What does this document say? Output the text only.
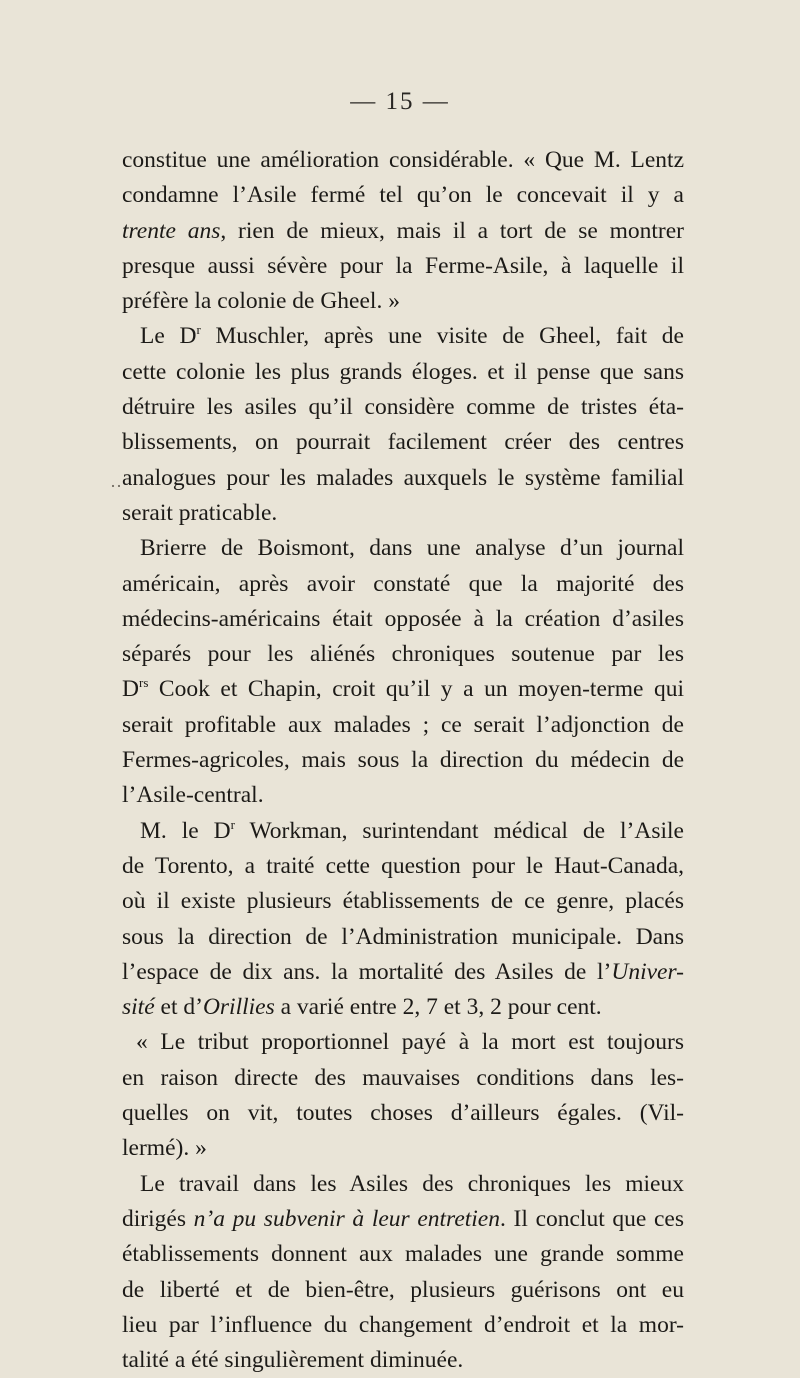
— 15 —
··
constitue une amélioration considérable. « Que M. Lentz
condamne l’Asile fermé tel qu’on le concevait il y a
trente ans, rien de mieux, mais il a tort de se montrer
presque aussi sévère pour la Ferme-Asile, à laquelle il
préfère la colonie de Gheel. »
Le $D^r$ Muschler, après une visite de Gheel, fait de
cette colonie les plus grands éloges. et il pense que sans
détruire les asiles qu’il considère comme de tristes éta-
blissements, on pourrait facilement créer des centres
analogues pour les malades auxquels le système familial
serait praticable.
Brierre de Boismont, dans une analyse d’un journal
américain, après avoir constaté que la majorité des
médecins-américains était opposée à la création d’asiles
séparés pour les aliénés chroniques soutenue par les
$D^{rs}$ Cook et Chapin, croit qu’il y a un moyen-terme qui
serait profitable aux malades ; ce serait l’adjonction de
Fermes-agricoles, mais sous la direction du médecin de
l’Asile-central.
M. le $D^r$ Workman, surintendant médical de l’Asile
de Torento, a traité cette question pour le Haut-Canada,
où il existe plusieurs établissements de ce genre, placés
sous la direction de l’Administration municipale. Dans
l’espace de dix ans. la mortalité des Asiles de l’Univer-
sité et d’Orillies a varié entre 2, 7 et 3, 2 pour cent.
« Le tribut proportionnel payé à la mort est toujours
en raison directe des mauvaises conditions dans les-
quelles on vit, toutes choses d’ailleurs égales. (Vil-
lermé). »
Le travail dans les Asiles des chroniques les mieux
dirigés n’a pu subvenir à leur entretien. Il conclut que ces
établissements donnent aux malades une grande somme
de liberté et de bien-être, plusieurs guérisons ont eu
lieu par l’influence du changement d’endroit et la mor-
talité a été singulièrement diminuée.
